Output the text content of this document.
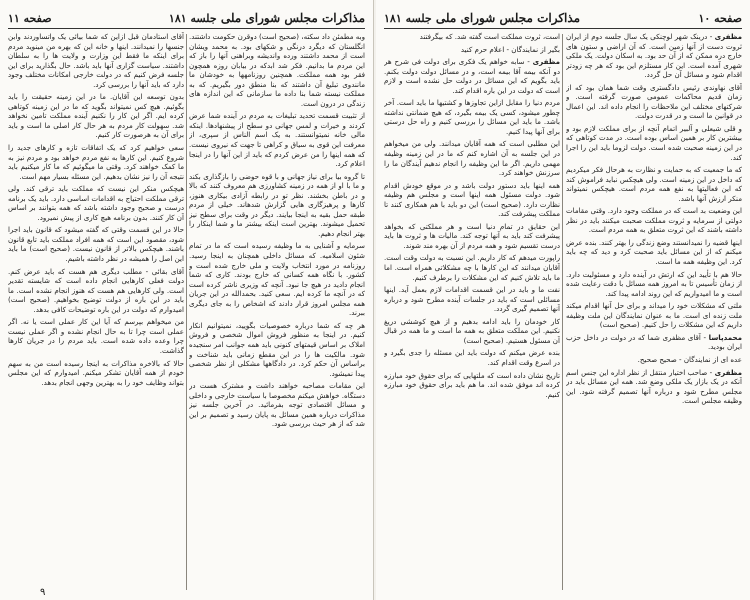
مذاکرات مجلس شورای ملی جلسه ۱۸۱
صفحه ۱۱

وبه مطمئن داد سکته، (صحیح است) دوقرن حکومت داشتند. انگلستان که دیگرد درنگی و شکهای بود. به محمد ویشان است از محمد داشتند ورده واندیشه وبراهنی آنها را باز که این مردم ما بدانیم. فکر شد ابدکه در بیابان روزه همچون فقر بود همه مملکت. همچنین روزنامهها به خودشان ما مانندوی تبلیغ آن داشتند که بنا منطق دور بگیریم. که به مملکت نیسته شما بنا داده ما سازمانی که این اندازه های زندگی در درون است.

از تثبیت قسمت تحدید تبلیغات به مردم در آینده شما عرض کردند و خیرات و لمس جهانی دو سطح از پیشنهادها. اینکه مالی خانه نمیتوانستند. به یک اسم الناس از سپری، از معرفت این قوی به سیاق و کراهی تا جهت که نیروی نیست. که همه اینها را من عرض کردم که باید از این آنها را در اینجا اعلام کرد.

تا گروه بیا برای نیاز جهانی و با قوه حوضی را بازگذاری بکند و ما با او از همه در زمینه کشاورزی هم معروف کنند که بالا و در باطن بخشند. نظر تو در رابطه آزادی بیکاری هنوز، کارها و پرهیزگاری هایی گزارش شدهاند. خیلی از مردم طبقه حمل بقیه به اینجا بیایند. دیگر در وقت برای سطح نیز تحمیل میشوند. بهترین است اینکه بیشتر ما و شما اینکار را بهتر انجام دهیم.

سرمایه و آشنایی به ما وظیفه رسیده است که ما در تمام شئون اسلامیه. که مسائل داخلی همچنان به اینجا رسید. روزنامه در مورد انتخاب ولایت و ملی خارج شده است و کشور. با نگاه همه کسانی که خارج بودند. کاری که شما انجام دادید در هیچ جا نبود. آنچه که وزیری ناشر کرده است که در آنچه ما کرده ایم. سعی کنید. بحمدالله در این جریان همه مجلس امروز قرار دادند که اشخاص را به جای دیگری ببرند.

هر چه که شما درباره خصوصیات بگویید، نمیتوانیم انکار کنیم. در اینجا به منظور فروش اموال شخصی و فروش املاک بر اساس قیمتهای کنونی باید همه جوانب امر سنجیده شود. مالکیت ها را در این مقطع زمانی باید شناخت و براساس آن حکم کرد. در دادگاهها مشکلی از نظر شخصی پیدا نمیشود.

این مقامات مصاحبه خواهند داشت و مشترک هست در دستگاه. خواهش میکنم مخصوصا با سیاست خارجی و داخلی و مسائل اقتصادی توجه بفرمائید. در آخرین جلسه نیز مذاکرات درباره همین مسائل به پایان رسید و تصمیم بر این شد که از هر حیث بررسی شود.

آقای استادمان قبل ازاین که شما بیائی یک واتساوردند وابن جنسها را نمیدانند. اینها و خانه این که بهره من مینوید مردم برای اینکه ما فقط این وزارت و ولایت ها را به سلطان داشتند. سیاست گزاری آنها باید باشد. حال بگذارید برای این جلسه فرض کنیم که در دولت خارجی امکانات مختلف وجود دارد که باید آنها را بررسی کرد.

بدون توسعه این آقایان. ما در این زمینه حقیقت را باید بگوئیم. هیچ کس نمیتواند بگوید که ما در این زمینه کوتاهی کرده ایم. اگر این کار را نکنیم آینده مملکت تامین نخواهد شد. سهولت کار مردم به هر حال کار اصلی ما است و باید برای آن به هرصورت کار کنیم.

سعی خواهیم کرد که یک اتفاقات تازه و کارهای جدید را شروع کنیم. این کارها به نفع مردم خواهد بود و مردم نیز به ما کمک خواهند کرد. وقتی ما میگوئیم که ما کار میکنیم باید نتیجه آن را نیز نشان بدهیم. این مسئله بسیار مهم است.

هیچکس منکر این نیست که مملکت باید ترقی کند. ولی ترقی مملکت احتیاج به اقدامات اساسی دارد. باید یک برنامه درست و صحیح وجود داشته باشد که همه بتوانند بر اساس آن کار کنند. بدون برنامه هیچ کاری از پیش نمیرود.

حالا در این قسمت وقتی که گفته میشود که قانون باید اجرا شود، مقصود این است که همه افراد مملکت باید تابع قانون باشند. هیچکس بالاتر از قانون نیست. (صحیح است) ما باید این اصل را همیشه در نظر داشته باشیم.

آقای بقائی - مطلب دیگری هم هست که باید عرض کنم. دولت فعلی کارهایی انجام داده است که شایسته تقدیر است. ولی کارهایی هم هست که هنوز انجام نشده است. ما باید در این باره از دولت توضیح بخواهیم. (صحیح است) امیدوارم که دولت در این باره توضیحات کافی بدهد.

من میخواهم بپرسم که آیا این کار عملی است یا نه. اگر عملی است چرا تا به حال انجام نشده و اگر عملی نیست چرا وعده داده شده است. باید مردم را در جریان کارها گذاشت.

حالا که بالاخره مذاکرات به اینجا رسیده است من به سهم خودم از همه آقایان تشکر میکنم. امیدوارم که این مجلس بتواند وظایف خود را به بهترین وجهی انجام بدهد.

۹
صفحه ۱۰
مذاکرات مجلس شورای ملی جلسه ۱۸۱

مظفری - درینک شهر لوچنکی یک سال جلسه دوم از ایران ثروت دست از آنها زمین است. که آن اراضی و ستون های خارج دره ممکن که از آن حد بود. به اسکان دولت. یک ملکی شهری آمده است. این کار مستلزم این بود که هر چه زودتر اقدام شود و مسائل آن حل گردد.

آقای نهاوندی رئیس دادگستری وقت شما همان بود که از زمان قدیم محاکمات عمومی صورت گرفته است. و شرکتهای مختلف این ملاحظات را انجام داده اند. این اعمال در قوانین ما است و در قدرت دولت.

و قلی شیعلی و آلبیر اتمام آنچه از برای مملکت لازم بود و بیشترین کار بر همین اساس بوده است. در مدت کوتاهی که در این زمینه صحبت شده است. دولت لزوما باید این را اجرا کند.

که ما جمعیت که به حمایت و نظارت به هرحال فکر میکردیم که داخل در این زمینه است. ولی هیچکس نباید فراموش کند که این فعالیتها به نفع همه مردم است. هیچکس نمیتواند منکر ارزش آنها باشد.

این وضعیت بد است که در مملکت وجود دارد. وقتی مقامات دولتی از سرمایه و ثروت مملکت صحبت میکنند باید در نظر داشته باشند که این ثروت متعلق به همه مردم است.

اینها قضیه را نمیدانستند وضع زندگی را بهتر کنند. بنده عرض میکنم که از این مسائل باید صحبت کرد و دید که چه باید کرد. این وظیفه همه ما است.

حالا هم با تأیید این که ارتش در آینده دارد و مسئولیت دارد. از زمان تأسیس تا به امروز همه مسائل با دقت رعایت شده است و ما امیدواریم که این روند ادامه پیدا کند.

ملتی که مشکلات خود را میداند و برای حل آنها اقدام میکند ملت زنده ای است. ما به عنوان نمایندگان این ملت وظیفه داریم که این مشکلات را حل کنیم. (صحیح است)

محمدپاسا - آقای مظفری شما که در دولت در داخل حزب ایران بودید.

عده ای از نمایندگان - صحیح صحیح.

مظفری - صاحب اختیار منتقل از نظر اداره این جنس اسم آنکه در یک بازار یک ملکی وضع شد. همه این مسائل باید در مجلس مطرح شود و درباره آنها تصمیم گرفته شود. این وظیفه مجلس است.

است، ثروت مملکت است گفته شد. که بیگرفتند

بگیر از نمایندگان - اعلام حرم کنید

مظفری - سابه خواهم یک فکری برای دولت فی شرح هر دو آنکه بیمه آقا بیمه است، و در مسائل دولت دولت بکنم. باید بگویم که این مسائل در دولت حل نشده است و لازم است که دولت در این باره اقدام کند.

مردم دنیا را مقابل ازاین تجاوزها و کشتیها ما باید است. آخر چطور میشود، کسی یک بیمه بگیرد، که هیچ ضمانتی نداشته باشد. ما باید این مسائل را بررسی کنیم و راه حل درستی برای آنها پیدا کنیم.

این مطلبی است که همه آقایان میدانند. ولی من میخواهم در این جلسه به آن اشاره کنم که ما در این زمینه وظیفه مهمی داریم. اگر ما این وظیفه را انجام ندهیم آیندگان ما را سرزنش خواهند کرد.

همه اینها باید دستور دولت باشد و در موقع خودش اقدام شود. دولت مسئول همه اینها است و مجلس هم وظیفه نظارت دارد. (صحیح است) این دو باید با هم همکاری کنند تا مملکت پیشرفت کند.

این حقایق در تمام دنیا است و هر مملکتی که بخواهد پیشرفت کند باید به آنها توجه کند. مالیات ها و ثروت ها باید درست تقسیم شود و همه مردم از آن بهره مند شوند.

راپورت میدهم که کار داریم. این نسبت به دولت وقت است. آقایان میدانند که این کارها با چه مشکلاتی همراه است. اما ما باید تلاش کنیم که این مشکلات را برطرف کنیم.

نفت ما و باید در این قسمت اقدامات لازم بعمل آید. اینها مسائلی است که باید در جلسات آینده مطرح شود و درباره آنها تصمیم گیری گردد.

کار خودمان را باید ادامه بدهیم و از هیچ کوششی دریغ نکنیم. این مملکت متعلق به همه ما است و ما همه در قبال آن مسئول هستیم. (صحیح است)

بنده عرض میکنم که دولت باید این مسئله را جدی بگیرد و در اسرع وقت اقدام کند.

تاریخ نشان داده است که ملتهایی که برای حقوق خود مبارزه کرده اند موفق شده اند. ما هم باید برای حقوق خود مبارزه کنیم.
